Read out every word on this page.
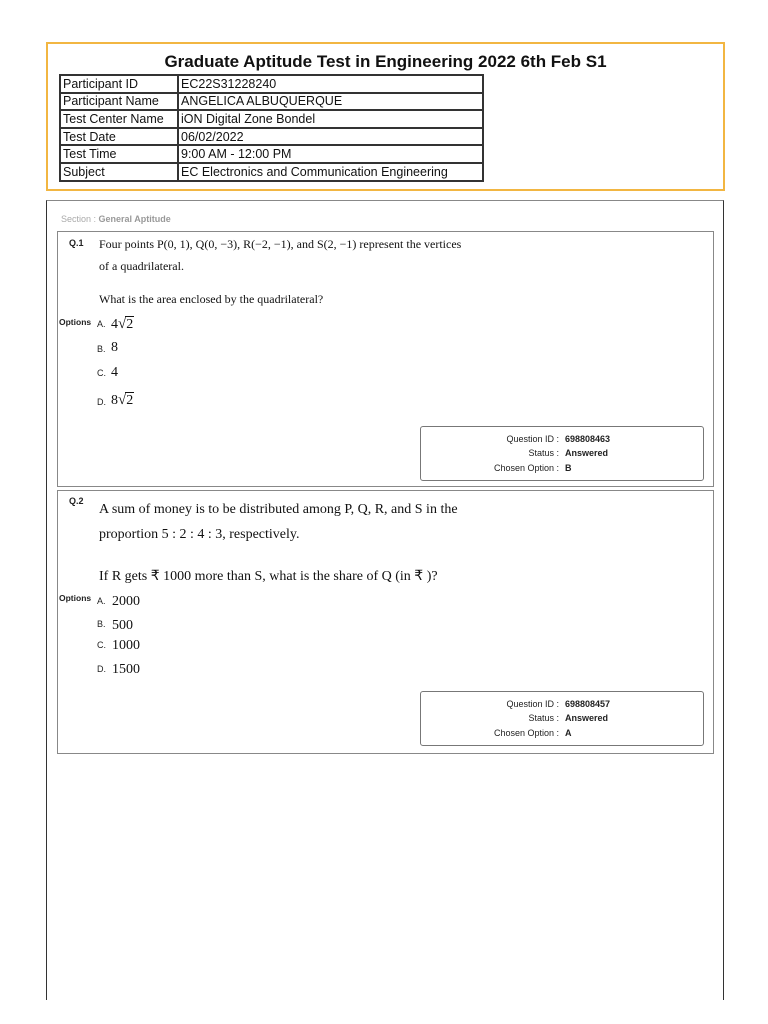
Graduate Aptitude Test in Engineering 2022 6th Feb S1
Participant ID	EC22S31228240
Participant Name	ANGELICA ALBUQUERQUE
Test Center Name	iON Digital Zone Bondel
Test Date	06/02/2022
Test Time	9:00 AM - 12:00 PM
Subject	EC Electronics and Communication Engineering
Section : General Aptitude
Q.1 Four points P(0, 1), Q(0, −3), R(−2, −1), and S(2, −1) represent the vertices
of a quadrilateral.
What is the area enclosed by the quadrilateral?
Options A. 4√2
B. 8
C. 4
D. 8√2
Question ID : 698808463
Status : Answered
Chosen Option : B
Q.2
A sum of money is to be distributed among P, Q, R, and S in the
proportion 5 : 2 : 4 : 3, respectively.
If R gets ₹ 1000 more than S, what is the share of Q (in ₹ )?
Options A. 2000
B. 500
C. 1000
D. 1500
Question ID : 698808457
Status : Answered
Chosen Option : A
